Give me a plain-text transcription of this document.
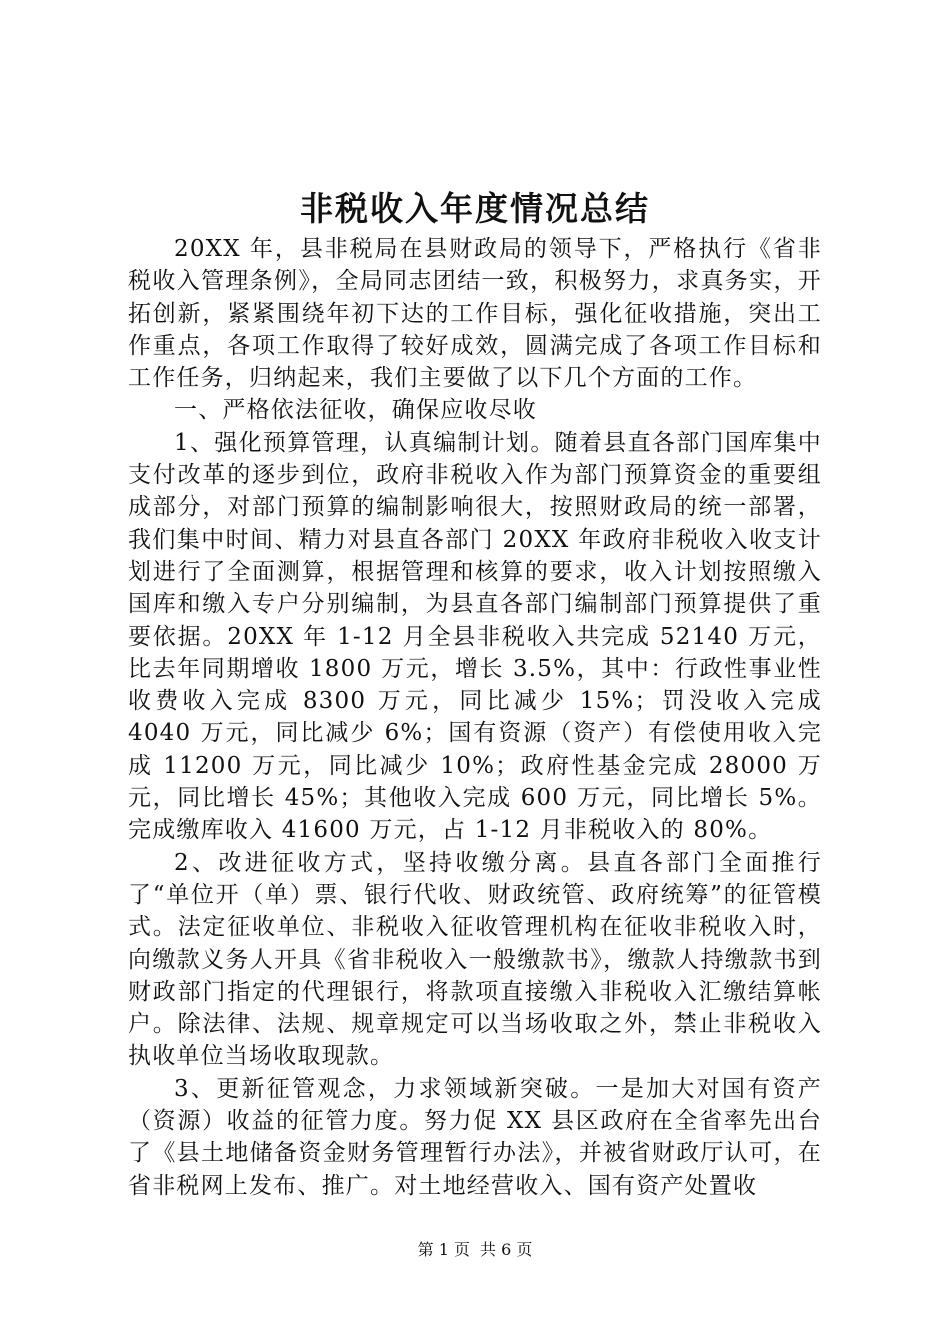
非税收入年度情况总结

20XX 年，县非税局在县财政局的领导下，严格执行《省非税收入管理条例》，全局同志团结一致，积极努力，求真务实，开拓创新，紧紧围绕年初下达的工作目标，强化征收措施，突出工作重点，各项工作取得了较好成效，圆满完成了各项工作目标和工作任务，归纳起来，我们主要做了以下几个方面的工作。

一、严格依法征收，确保应收尽收

1、强化预算管理，认真编制计划。随着县直各部门国库集中支付改革的逐步到位，政府非税收入作为部门预算资金的重要组成部分，对部门预算的编制影响很大，按照财政局的统一部署，我们集中时间、精力对县直各部门 20XX 年政府非税收入收支计划进行了全面测算，根据管理和核算的要求，收入计划按照缴入国库和缴入专户分别编制，为县直各部门编制部门预算提供了重要依据。20XX 年 1-12 月全县非税收入共完成 52140 万元，比去年同期增收 1800 万元，增长 3.5%，其中：行政性事业性收费收入完成 8300 万元，同比减少 15%；罚没收入完成 4040 万元，同比减少 6%；国有资源（资产）有偿使用收入完成 11200 万元，同比减少 10%；政府性基金完成 28000 万元，同比增长 45%；其他收入完成 600 万元，同比增长 5%。完成缴库收入 41600 万元，占 1-12 月非税收入的 80%。

2、改进征收方式，坚持收缴分离。县直各部门全面推行了“单位开（单）票、银行代收、财政统管、政府统筹”的征管模式。法定征收单位、非税收入征收管理机构在征收非税收入时，向缴款义务人开具《省非税收入一般缴款书》，缴款人持缴款书到财政部门指定的代理银行，将款项直接缴入非税收入汇缴结算帐户。除法律、法规、规章规定可以当场收取之外，禁止非税收入执收单位当场收取现款。

3、更新征管观念，力求领域新突破。一是加大对国有资产（资源）收益的征管力度。努力促 XX 县区政府在全省率先出台了《县土地储备资金财务管理暂行办法》，并被省财政厅认可，在省非税网上发布、推广。对土地经营收入、国有资产处置收

第 1 页 共 6 页
